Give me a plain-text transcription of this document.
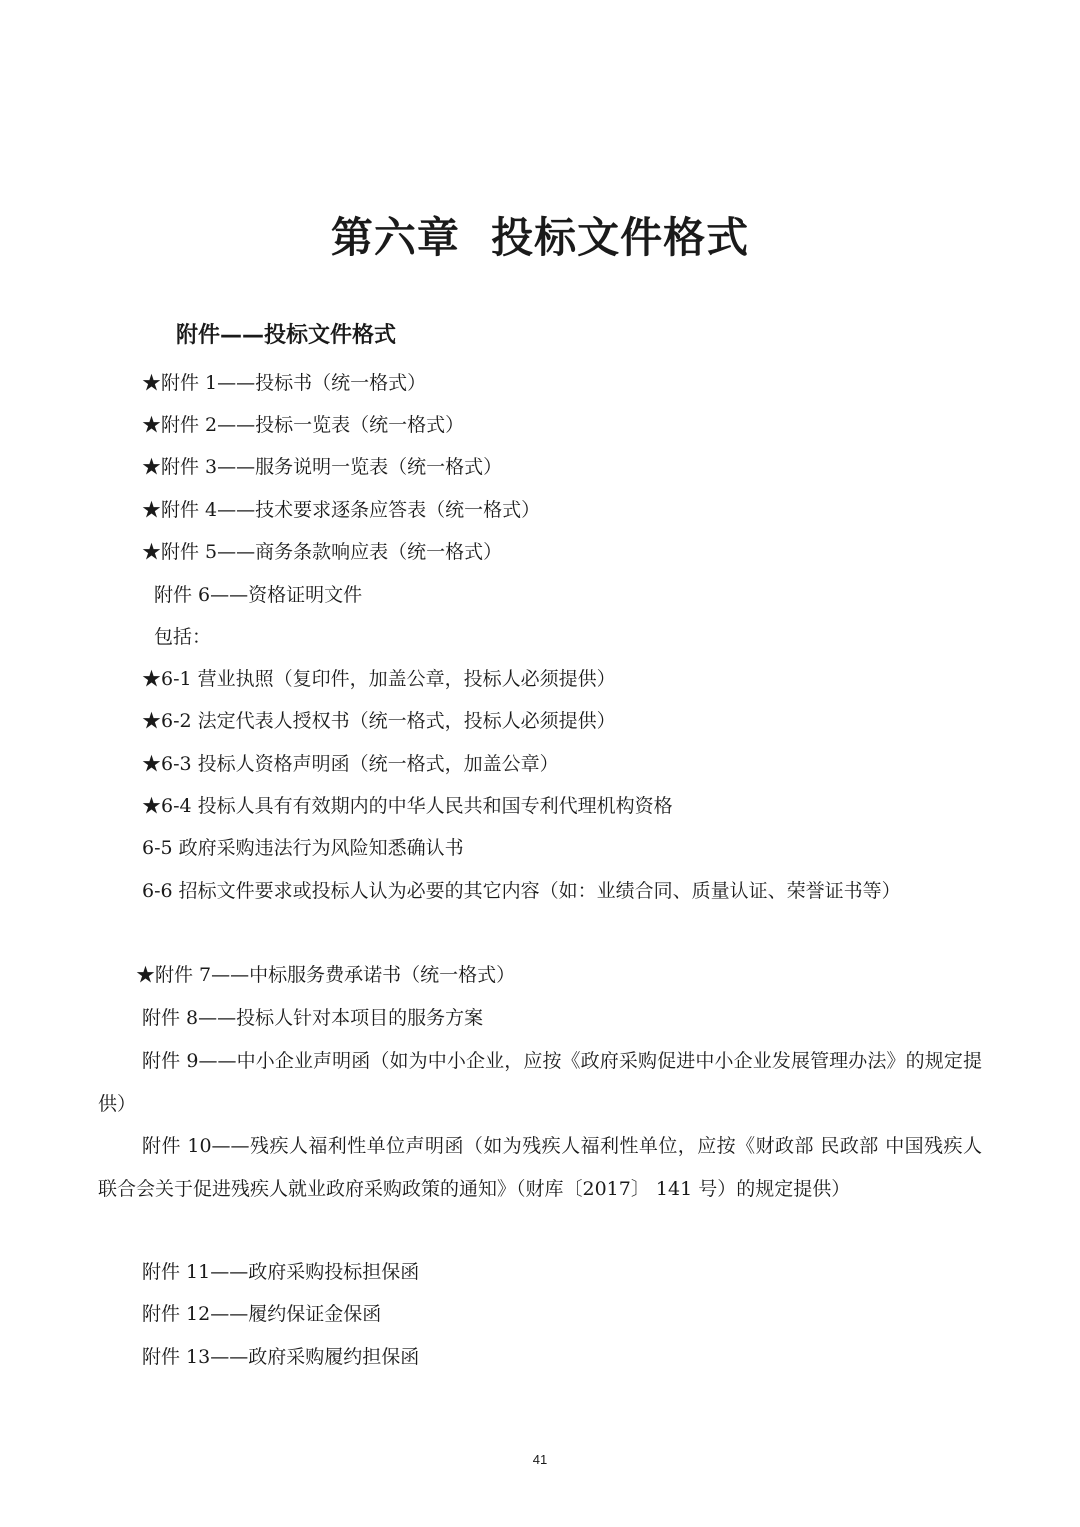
第六章  投标文件格式
附件——投标文件格式
★附件 1——投标书（统一格式）
★附件 2——投标一览表（统一格式）
★附件 3——服务说明一览表（统一格式）
★附件 4——技术要求逐条应答表（统一格式）
★附件 5——商务条款响应表（统一格式）
附件 6——资格证明文件
包括：
★6-1 营业执照（复印件，加盖公章，投标人必须提供）
★6-2 法定代表人授权书（统一格式，投标人必须提供）
★6-3 投标人资格声明函（统一格式，加盖公章）
★6-4 投标人具有有效期内的中华人民共和国专利代理机构资格
6-5 政府采购违法行为风险知悉确认书
6-6 招标文件要求或投标人认为必要的其它内容（如：业绩合同、质量认证、荣誉证书等）
★附件 7——中标服务费承诺书（统一格式）
附件 8——投标人针对本项目的服务方案
附件 9——中小企业声明函（如为中小企业，应按《政府采购促进中小企业发展管理办法》的规定提供）
附件 10——残疾人福利性单位声明函（如为残疾人福利性单位，应按《财政部 民政部 中国残疾人联合会关于促进残疾人就业政府采购政策的通知》（财库〔2017〕 141 号）的规定提供）
附件 11——政府采购投标担保函
附件 12——履约保证金保函
附件 13——政府采购履约担保函
41
